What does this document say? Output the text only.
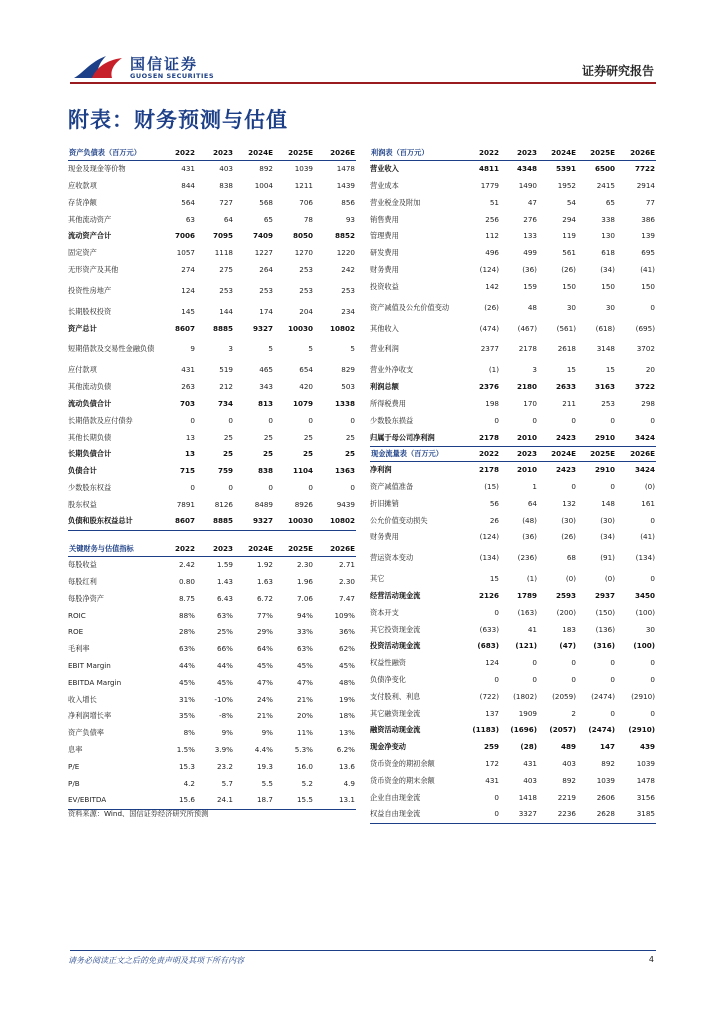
国信证券
GUOSEN SECURITIES	证券研究报告
附表：财务预测与估值
资产负债表（百万元）	2022	2023	2024E	2025E	2026E
现金及现金等价物	431	403	892	1039	1478
应收款项	844	838	1004	1211	1439
存货净额	564	727	568	706	856
其他流动资产	63	64	65	78	93
流动资产合计	7006	7095	7409	8050	8852
固定资产	1057	1118	1227	1270	1220
无形资产及其他	274	275	264	253	242
投资性房地产	124	253	253	253	253
长期股权投资	145	144	174	204	234
资产总计	8607	8885	9327	10030	10802
短期借款及交易性金融负债	9	3	5	5	5
应付款项	431	519	465	654	829
其他流动负债	263	212	343	420	503
流动负债合计	703	734	813	1079	1338
长期借款及应付债券	0	0	0	0	0
其他长期负债	13	25	25	25	25
长期负债合计	13	25	25	25	25
负债合计	715	759	838	1104	1363
少数股东权益	0	0	0	0	0
股东权益	7891	8126	8489	8926	9439
负债和股东权益总计	8607	8885	9327	10030	10802
关键财务与估值指标	2022	2023	2024E	2025E	2026E
每股收益	2.42	1.59	1.92	2.30	2.71
每股红利	0.80	1.43	1.63	1.96	2.30
每股净资产	8.75	6.43	6.72	7.06	7.47
ROIC	88%	63%	77%	94%	109%
ROE	28%	25%	29%	33%	36%
毛利率	63%	66%	64%	63%	62%
EBIT Margin	44%	44%	45%	45%	45%
EBITDA Margin	45%	45%	47%	47%	48%
收入增长	31%	-10%	24%	21%	19%
净利润增长率	35%	-8%	21%	20%	18%
资产负债率	8%	9%	9%	11%	13%
息率	1.5%	3.9%	4.4%	5.3%	6.2%
P/E	15.3	23.2	19.3	16.0	13.6
P/B	4.2	5.7	5.5	5.2	4.9
EV/EBITDA	15.6	24.1	18.7	15.5	13.1
利润表（百万元）	2022	2023	2024E	2025E	2026E
营业收入	4811	4348	5391	6500	7722
营业成本	1779	1490	1952	2415	2914
营业税金及附加	51	47	54	65	77
销售费用	256	276	294	338	386
管理费用	112	133	119	130	139
研发费用	496	499	561	618	695
财务费用	(124)	(36)	(26)	(34)	(41)
投资收益	142	159	150	150	150
资产减值及公允价值变动	(26)	48	30	30	0
其他收入	(474)	(467)	(561)	(618)	(695)
营业利润	2377	2178	2618	3148	3702
营业外净收支	(1)	3	15	15	20
利润总额	2376	2180	2633	3163	3722
所得税费用	198	170	211	253	298
少数股东损益	0	0	0	0	0
归属于母公司净利润	2178	2010	2423	2910	3424
现金流量表（百万元）	2022	2023	2024E	2025E	2026E
净利润	2178	2010	2423	2910	3424
资产减值准备	(15)	1	0	0	(0)
折旧摊销	56	64	132	148	161
公允价值变动损失	26	(48)	(30)	(30)	0
财务费用	(124)	(36)	(26)	(34)	(41)
营运资本变动	(134)	(236)	68	(91)	(134)
其它	15	(1)	(0)	(0)	0
经营活动现金流	2126	1789	2593	2937	3450
资本开支	0	(163)	(200)	(150)	(100)
其它投资现金流	(633)	41	183	(136)	30
投资活动现金流	(683)	(121)	(47)	(316)	(100)
权益性融资	124	0	0	0	0
负债净变化	0	0	0	0	0
支付股利、利息	(722)	(1802)	(2059)	(2474)	(2910)
其它融资现金流	137	1909	2	0	0
融资活动现金流	(1183)	(1696)	(2057)	(2474)	(2910)
现金净变动	259	(28)	489	147	439
货币资金的期初余额	172	431	403	892	1039
货币资金的期末余额	431	403	892	1039	1478
企业自由现金流	0	1418	2219	2606	3156
权益自由现金流	0	3327	2236	2628	3185
资料来源：Wind、国信证券经济研究所预测
请务必阅读正文之后的免责声明及其项下所有内容	4
